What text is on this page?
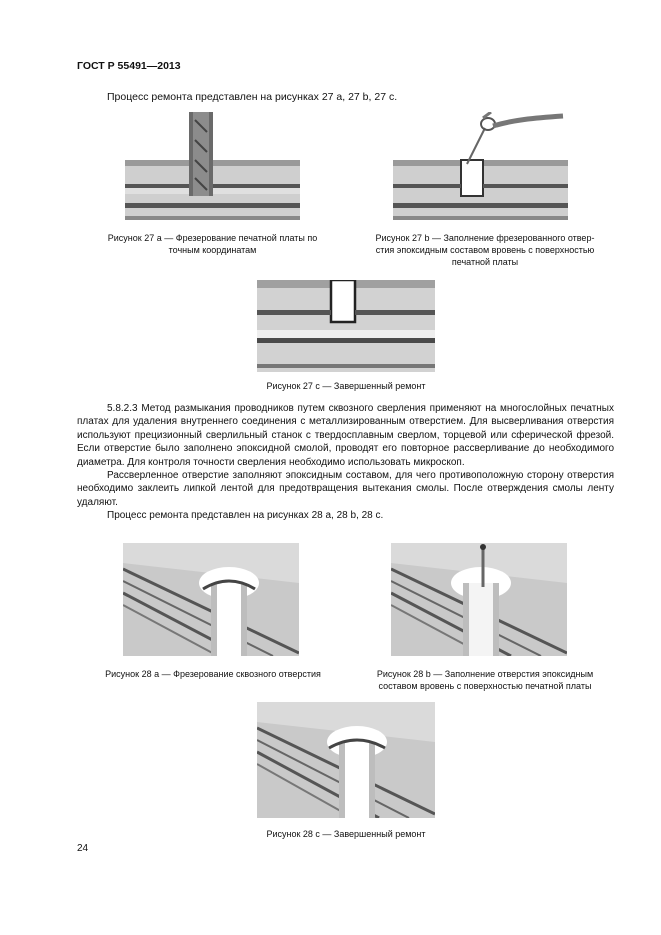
ГОСТ Р 55491—2013
Процесс ремонта представлен на рисунках 27 а, 27 b, 27 с.
Рисунок 27 а — Фрезерование печатной платы по
точным координатам
Рисунок 27 b — Заполнение фрезерованного отвер-
стия эпоксидным составом вровень с поверхностью
печатной платы
Рисунок 27 с — Завершенный ремонт

5.8.2.3 Метод размыкания проводников путем сквозного сверления применяют на многослойных печатных платах для удаления внутреннего соединения с металлизированным отверстием. Для высверливания отверстия используют прецизионный сверлильный станок с твердосплавным сверлом, торцевой или сферической фрезой. Если отверстие было заполнено эпоксидной смолой, проводят его повторное рассверливание до необходимого диаметра. Для контроля точности сверления необходимо использовать микроскоп.

Рассверленное отверстие заполняют эпоксидным составом, для чего противоположную сторону отверстия необходимо заклеить липкой лентой для предотвращения вытекания смолы. После отверждения смолы ленту удаляют.

Процесс ремонта представлен на рисунках 28 а, 28 b, 28 с.

Рисунок 28 а — Фрезерование сквозного отверстия	Рисунок 28 b — Заполнение отверстия эпоксидным
составом вровень с поверхностью печатной платы
Рисунок 28 с — Завершенный ремонт
24
